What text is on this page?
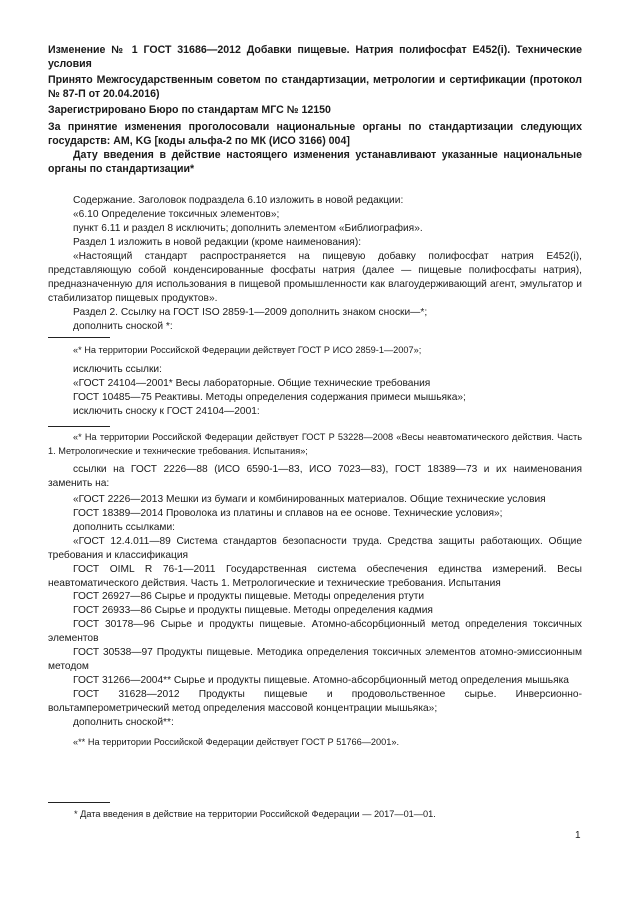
Изменение № 1 ГОСТ 31686—2012 Добавки пищевые. Натрия полифосфат Е452(i). Технические условия

Принято Межгосударственным советом по стандартизации, метрологии и сертификации (протокол № 87-П от 20.04.2016)

Зарегистрировано Бюро по стандартам МГС № 12150

За принятие изменения проголосовали национальные органы по стандартизации следующих государств: AM, KG [коды альфа-2 по МК (ИСО 3166) 004]

Дату введения в действие настоящего изменения устанавливают указанные национальные органы по стандартизации*

Содержание. Заголовок подраздела 6.10 изложить в новой редакции:

«6.10 Определение токсичных элементов»;

пункт 6.11 и раздел 8 исключить; дополнить элементом «Библиография».

Раздел 1 изложить в новой редакции (кроме наименования):

«Настоящий стандарт распространяется на пищевую добавку полифосфат натрия Е452(i), представляющую собой конденсированные фосфаты натрия (далее — пищевые полифосфаты натрия), предназначенную для использования в пищевой промышленности как влагоудерживающий агент, эмульгатор и стабилизатор пищевых продуктов».

Раздел 2. Ссылку на ГОСТ ISO 2859-1—2009 дополнить знаком сноски—*;

дополнить сноской *:

«* На территории Российской Федерации действует ГОСТ Р ИСО 2859-1—2007»;

исключить ссылки:

«ГОСТ 24104—2001* Весы лабораторные. Общие технические требования

ГОСТ 10485—75 Реактивы. Методы определения содержания примеси мышьяка»;

исключить сноску к ГОСТ 24104—2001:

«* На территории Российской Федерации действует ГОСТ Р 53228—2008 «Весы неавтоматического действия. Часть 1. Метрологические и технические требования. Испытания»;

ссылки на ГОСТ 2226—88 (ИСО 6590-1—83, ИСО 7023—83), ГОСТ 18389—73 и их наименования заменить на:

«ГОСТ 2226—2013 Мешки из бумаги и комбинированных материалов. Общие технические условия

ГОСТ 18389—2014 Проволока из платины и сплавов на ее основе. Технические условия»;

дополнить ссылками:

«ГОСТ 12.4.011—89 Система стандартов безопасности труда. Средства защиты работающих. Общие требования и классификация

ГОСТ OIML R 76-1—2011 Государственная система обеспечения единства измерений. Весы неавтоматического действия. Часть 1. Метрологические и технические требования. Испытания

ГОСТ 26927—86 Сырье и продукты пищевые. Методы определения ртути

ГОСТ 26933—86 Сырье и продукты пищевые. Методы определения кадмия

ГОСТ 30178—96 Сырье и продукты пищевые. Атомно-абсорбционный метод определения токсичных элементов

ГОСТ 30538—97 Продукты пищевые. Методика определения токсичных элементов атомно-эмиссионным методом

ГОСТ 31266—2004** Сырье и продукты пищевые. Атомно-абсорбционный метод определения мышьяка

ГОСТ 31628—2012 Продукты пищевые и продовольственное сырье. Инверсионно-вольтамперометрический метод определения массовой концентрации мышьяка»;

дополнить сноской**:

«** На территории Российской Федерации действует ГОСТ Р 51766—2001».

* Дата введения в действие на территории Российской Федерации — 2017—01—01.

1
